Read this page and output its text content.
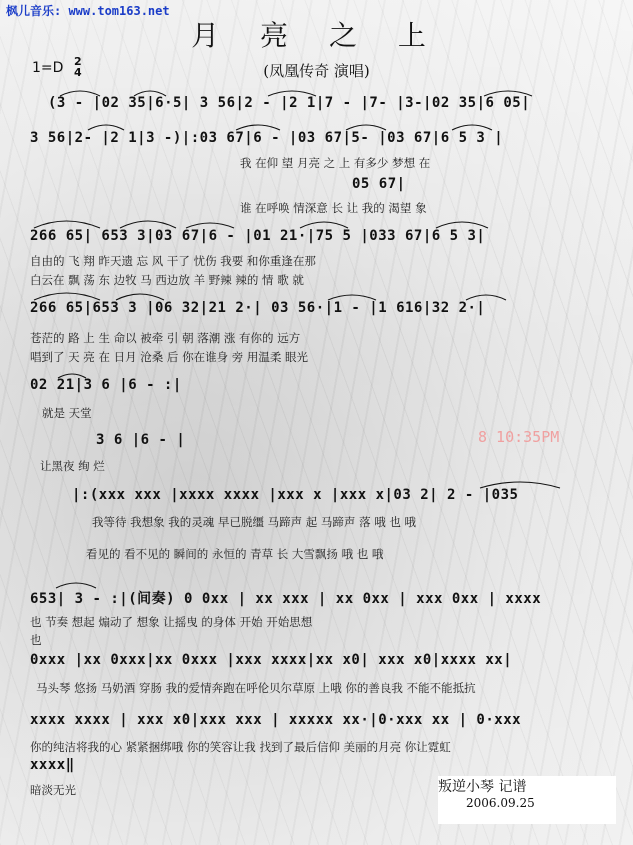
枫儿音乐: www.tom163.net
月 亮 之 上
1=D 2
4	(凤凰传奇 演唱)
(3 - |02 35|6·5| 3 56|2 - |2 1|7 - |7- |3-|02 35|6 05|
3 56|2- |2 1|3 -)|:03 67|6 - |03 67|5- |03 67|6 5 3 |
我 在仰 望 月亮 之 上 有多少 梦想 在
05 67|
谁 在呼唤 情深意 长 让 我的 渴望 象
266 65| 653 3|03 67|6 - |01 21·|75 5 |033 67|6 5 3|
自由的 飞 翔 昨天遗 忘 风 干了 忧伤 我要 和你重逢在那
白云在 飘 荡 东 边牧 马 西边放 羊 野辣 辣的 情 歌 就
266 65|653 3 |06 32|21 2·| 03 56·|1 - |1 616|32 2·|
苍茫的 路 上 生 命以 被牵 引 朝 落潮 涨 有你的 远方
唱到了 天 亮 在 日月 沧桑 后 你在谁身 旁 用温柔 眼光
02 21|3 6 |6 - :|
就是 天堂
3 6 |6 - |
让黑夜 绚 烂
8 10:35PM
|:(xxx xxx |xxxx xxxx |xxx x |xxx x|03 2| 2 - |035
我等待 我想象 我的灵魂 早已脱缰 马蹄声 起 马蹄声 落 哦 也 哦
看见的 看不见的 瞬间的 永恒的 青草 长 大雪飘扬 哦 也 哦
653| 3 - :|(间奏) 0 0xx | xx xxx | xx 0xx | xxx 0xx | xxxx
也 节奏 想起 煽动了 想象 让摇曳 的身体 开始 开始思想
也
0xxx |xx 0xxx|xx 0xxx |xxx xxxx|xx x0| xxx x0|xxxx xx|
马头琴 悠扬 马奶酒 穿肠 我的爱情奔跑在呼伦贝尔草原 上哦 你的善良我 不能不能抵抗
xxxx xxxx | xxx x0|xxx xxx | xxxxx xx·|0·xxx xx | 0·xxx
你的纯洁将我的心 紧紧捆绑哦 你的笑容让我 找到了最后信仰 美丽的月亮 你让霓虹
xxxx‖
暗淡无光	叛逆小琴 记谱
2006.09.25
